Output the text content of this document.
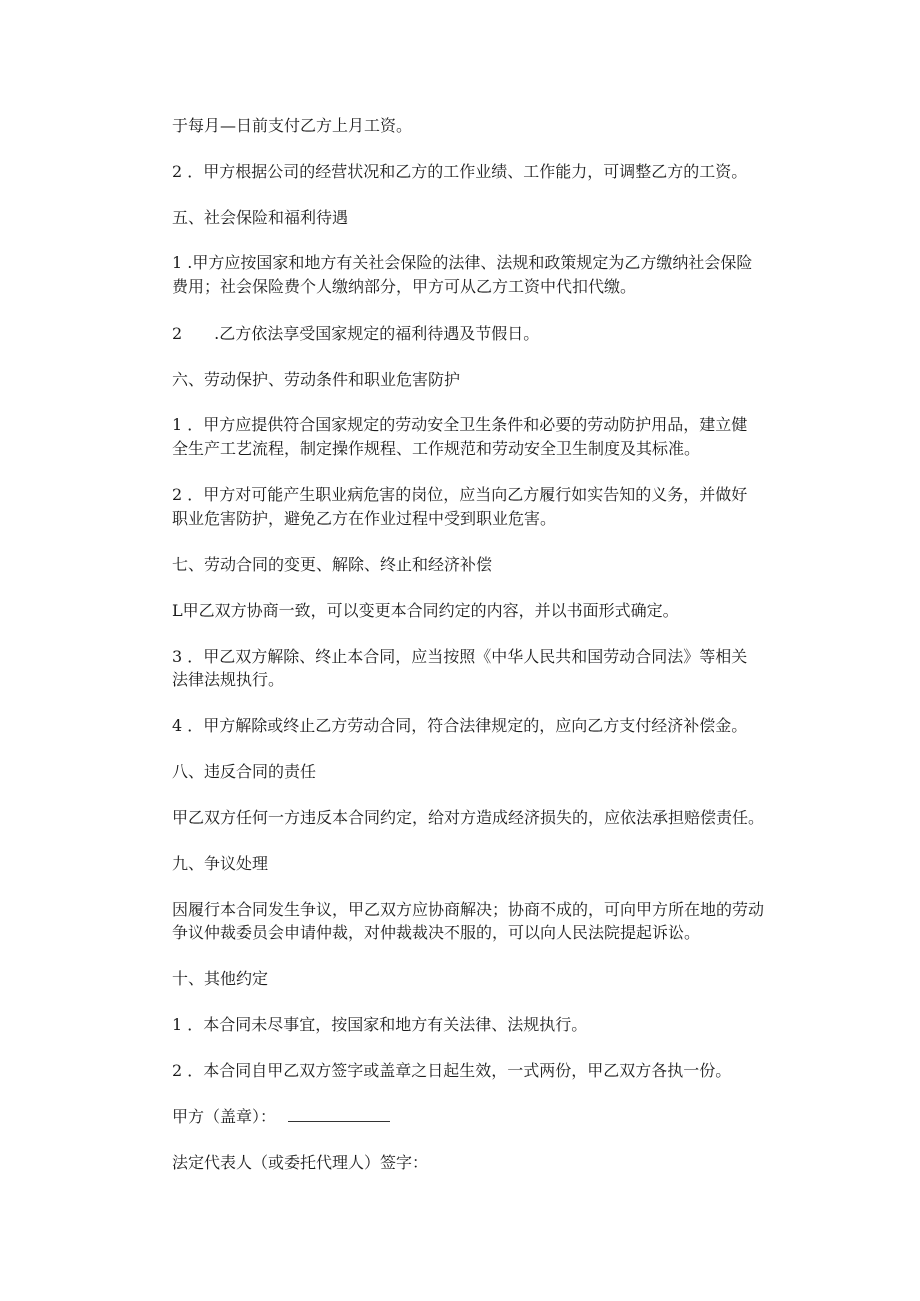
于每月—日前支付乙方上月工资。

2 ．甲方根据公司的经营状况和乙方的工作业绩、工作能力，可调整乙方的工资。

五、社会保险和福利待遇

1 .甲方应按国家和地方有关社会保险的法律、法规和政策规定为乙方缴纳社会保险

费用；社会保险费个人缴纳部分，甲方可从乙方工资中代扣代缴。

2　　.乙方依法享受国家规定的福利待遇及节假日。

六、劳动保护、劳动条件和职业危害防护

1 ．甲方应提供符合国家规定的劳动安全卫生条件和必要的劳动防护用品，建立健

全生产工艺流程，制定操作规程、工作规范和劳动安全卫生制度及其标准。

2 ．甲方对可能产生职业病危害的岗位，应当向乙方履行如实告知的义务，并做好

职业危害防护，避免乙方在作业过程中受到职业危害。

七、劳动合同的变更、解除、终止和经济补偿

L甲乙双方协商一致，可以变更本合同约定的内容，并以书面形式确定。

3 ．甲乙双方解除、终止本合同，应当按照《中华人民共和国劳动合同法》等相关

法律法规执行。

4 ．甲方解除或终止乙方劳动合同，符合法律规定的，应向乙方支付经济补偿金。

八、违反合同的责任

甲乙双方任何一方违反本合同约定，给对方造成经济损失的，应依法承担赔偿责任。

九、争议处理

因履行本合同发生争议，甲乙双方应协商解决；协商不成的，可向甲方所在地的劳动

争议仲裁委员会申请仲裁，对仲裁裁决不服的，可以向人民法院提起诉讼。

十、其他约定

1 ．本合同未尽事宜，按国家和地方有关法律、法规执行。

2 ．本合同自甲乙双方签字或盖章之日起生效，一式两份，甲乙双方各执一份。

甲方（盖章）：

法定代表人（或委托代理人）签字：
